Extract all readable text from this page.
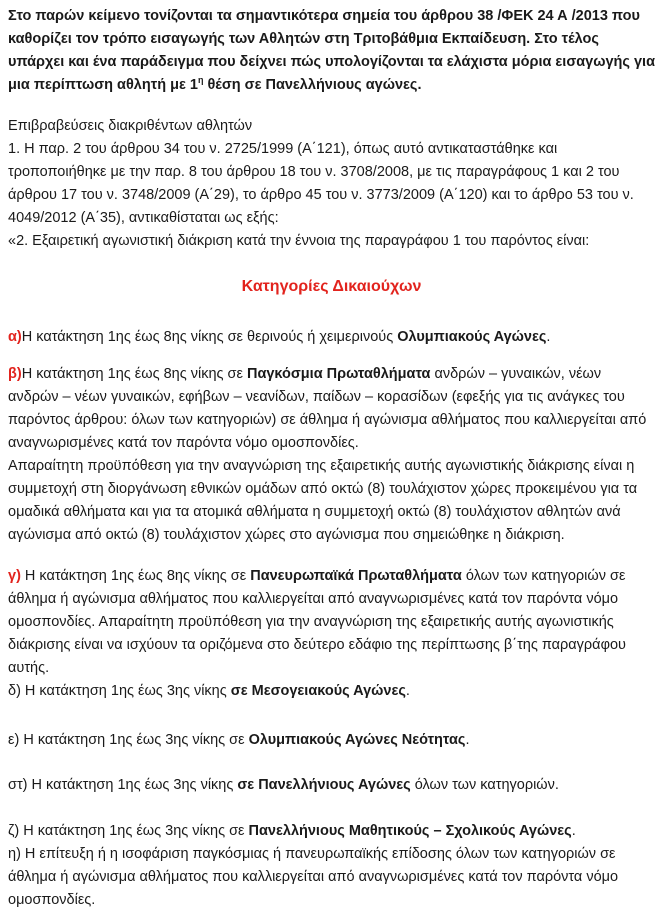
Στο παρών κείμενο τονίζονται τα σημαντικότερα σημεία του άρθρου 38 /ΦΕΚ 24 Α /2013 που καθορίζει τον τρόπο εισαγωγής των Αθλητών στη Τριτοβάθμια Εκπαίδευση. Στο τέλος υπάρχει και ένα παράδειγμα που δείχνει πώς υπολογίζονται τα ελάχιστα μόρια εισαγωγής για μια περίπτωση αθλητή με $1^\eta$ θέση σε Πανελλήνιους αγώνες.

Επιβραβεύσεις διακριθέντων αθλητών

1. Η παρ. 2 του άρθρου 34 του ν. 2725/1999 (Α΄121), όπως αυτό αντικαταστάθηκε και τροποποιήθηκε με την παρ. 8 του άρθρου 18 του ν. 3708/2008, με τις παραγράφους 1 και 2 του άρθρου 17 του ν. 3748/2009 (Α΄29), το άρθρο 45 του ν. 3773/2009 (Α΄120) και το άρθρο 53 του ν. 4049/2012 (Α΄35), αντικαθίσταται ως εξής:

«2. Εξαιρετική αγωνιστική διάκριση κατά την έννοια της παραγράφου 1 του παρόντος είναι:

Κατηγορίες Δικαιούχων

α)Η κατάκτηση 1ης έως 8ης νίκης σε θερινούς ή χειμερινούς Ολυμπιακούς Αγώνες.

β)Η κατάκτηση 1ης έως 8ης νίκης σε Παγκόσμια Πρωταθλήματα ανδρών – γυναικών, νέων ανδρών – νέων γυναικών, εφήβων – νεανίδων, παίδων – κορασίδων (εφεξής για τις ανάγκες του παρόντος άρθρου: όλων των κατηγοριών) σε άθλημα ή αγώνισμα αθλήματος που καλλιεργείται από αναγνωρισμένες κατά τον παρόντα νόμο ομοσπονδίες.

Απαραίτητη προϋπόθεση για την αναγνώριση της εξαιρετικής αυτής αγωνιστικής διάκρισης είναι η συμμετοχή στη διοργάνωση εθνικών ομάδων από οκτώ (8) τουλάχιστον χώρες προκειμένου για τα ομαδικά αθλήματα και για τα ατομικά αθλήματα η συμμετοχή οκτώ (8) τουλάχιστον αθλητών ανά αγώνισμα από οκτώ (8) τουλάχιστον χώρες στο αγώνισμα που σημειώθηκε η διάκριση.

γ) Η κατάκτηση 1ης έως 8ης νίκης σε Πανευρωπαϊκά Πρωταθλήματα όλων των κατηγοριών σε άθλημα ή αγώνισμα αθλήματος που καλλιεργείται από αναγνωρισμένες κατά τον παρόντα νόμο ομοσπονδίες. Απαραίτητη προϋπόθεση για την αναγνώριση της εξαιρετικής αυτής αγωνιστικής διάκρισης είναι να ισχύουν τα οριζόμενα στο δεύτερο εδάφιο της περίπτωσης β΄της παραγράφου αυτής.

δ) Η κατάκτηση 1ης έως 3ης νίκης σε Μεσογειακούς Αγώνες.

ε) Η κατάκτηση 1ης έως 3ης νίκης σε Ολυμπιακούς Αγώνες Νεότητας.

στ) Η κατάκτηση 1ης έως 3ης νίκης σε Πανελλήνιους Αγώνες όλων των κατηγοριών.

ζ) Η κατάκτηση 1ης έως 3ης νίκης σε Πανελλήνιους Μαθητικούς – Σχολικούς Αγώνες.

η) Η επίτευξη ή η ισοφάριση παγκόσμιας ή πανευρωπαϊκής επίδοσης όλων των κατηγοριών σε άθλημα ή αγώνισμα αθλήματος που καλλιεργείται από αναγνωρισμένες κατά τον παρόντα νόμο ομοσπονδίες.
